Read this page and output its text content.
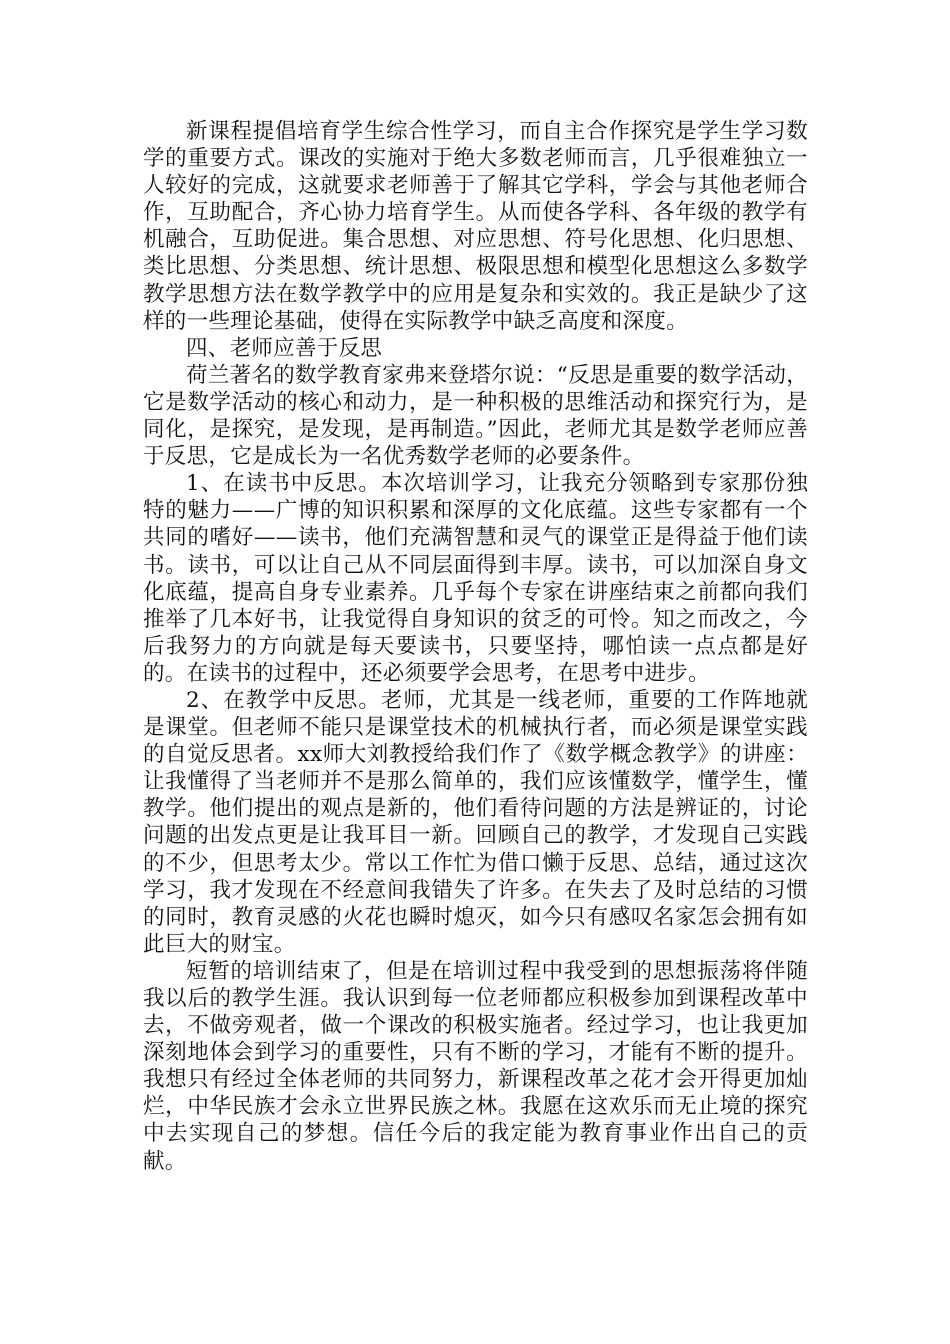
新课程提倡培育学生综合性学习，而自主合作探究是学生学习数学的重要方式。课改的实施对于绝大多数老师而言，几乎很难独立一人较好的完成，这就要求老师善于了解其它学科，学会与其他老师合作，互助配合，齐心协力培育学生。从而使各学科、各年级的教学有机融合，互助促进。集合思想、对应思想、符号化思想、化归思想、类比思想、分类思想、统计思想、极限思想和模型化思想这么多数学教学思想方法在数学教学中的应用是复杂和实效的。我正是缺少了这样的一些理论基础，使得在实际教学中缺乏高度和深度。

四、老师应善于反思

荷兰著名的数学教育家弗来登塔尔说：“反思是重要的数学活动，它是数学活动的核心和动力，是一种积极的思维活动和探究行为，是同化，是探究，是发现，是再制造。”因此，老师尤其是数学老师应善于反思，它是成长为一名优秀数学老师的必要条件。

1、在读书中反思。本次培训学习，让我充分领略到专家那份独特的魅力——广博的知识积累和深厚的文化底蕴。这些专家都有一个共同的嗜好——读书，他们充满智慧和灵气的课堂正是得益于他们读书。读书，可以让自己从不同层面得到丰厚。读书，可以加深自身文化底蕴，提高自身专业素养。几乎每个专家在讲座结束之前都向我们推举了几本好书，让我觉得自身知识的贫乏的可怜。知之而改之，今后我努力的方向就是每天要读书，只要坚持，哪怕读一点点都是好的。在读书的过程中，还必须要学会思考，在思考中进步。

2、在教学中反思。老师，尤其是一线老师，重要的工作阵地就是课堂。但老师不能只是课堂技术的机械执行者，而必须是课堂实践的自觉反思者。xx师大刘教授给我们作了《数学概念教学》的讲座：让我懂得了当老师并不是那么简单的，我们应该懂数学，懂学生，懂教学。他们提出的观点是新的，他们看待问题的方法是辨证的，讨论问题的出发点更是让我耳目一新。回顾自己的教学，才发现自己实践的不少，但思考太少。常以工作忙为借口懒于反思、总结，通过这次学习，我才发现在不经意间我错失了许多。在失去了及时总结的习惯的同时，教育灵感的火花也瞬时熄灭，如今只有感叹名家怎会拥有如此巨大的财宝。

短暂的培训结束了，但是在培训过程中我受到的思想振荡将伴随我以后的教学生涯。我认识到每一位老师都应积极参加到课程改革中去，不做旁观者，做一个课改的积极实施者。经过学习，也让我更加深刻地体会到学习的重要性，只有不断的学习，才能有不断的提升。我想只有经过全体老师的共同努力，新课程改革之花才会开得更加灿烂，中华民族才会永立世界民族之林。我愿在这欢乐而无止境的探究中去实现自己的梦想。信任今后的我定能为教育事业作出自己的贡献。
